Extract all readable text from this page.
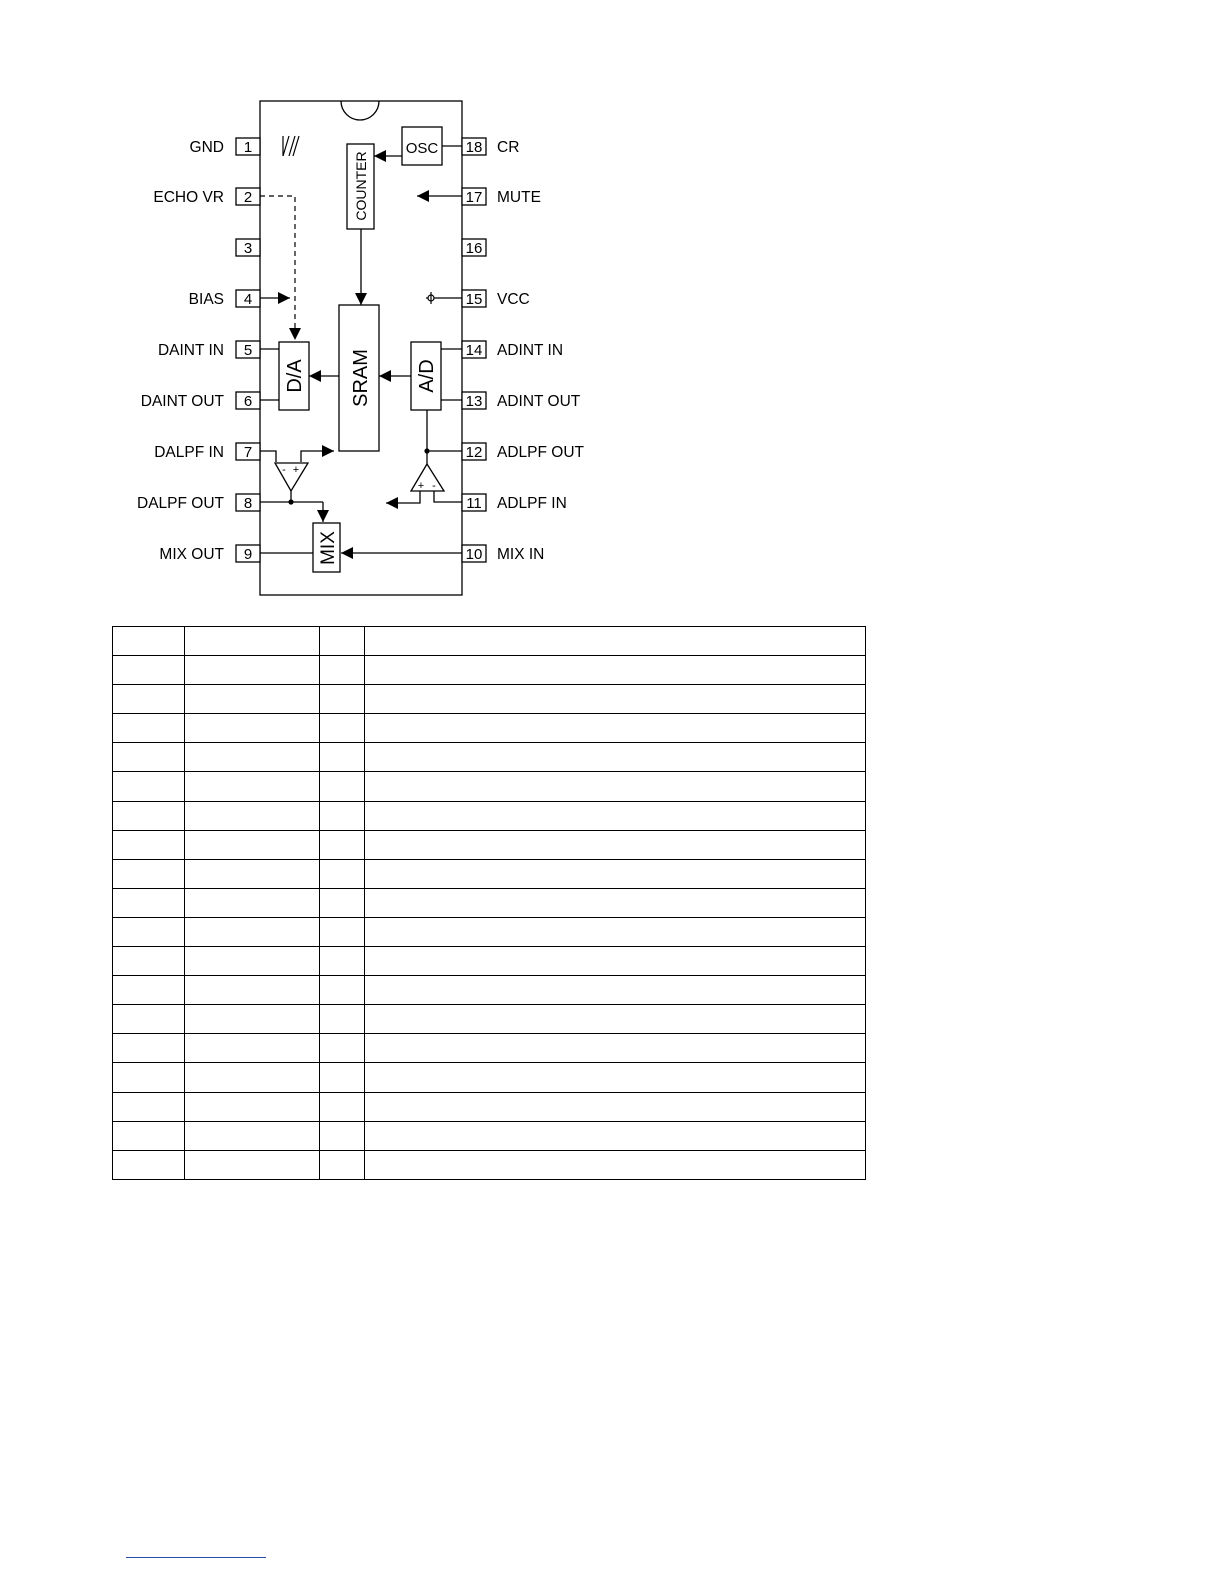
1
GND
2
ECHO VR
3
4
BIAS
5
DAINT IN
6
DAINT OUT
7
DALPF IN
8
DALPF OUT
9
MIX OUT
18 CR
17 MUTE
16
15 VCC
14 ADINT IN
13 ADINT OUT
12 ADLPF OUT
11 ADLPF IN
10 MIX IN
OSC
COUNTER
SRAM
D/A	A/D
+ -
- +
MIX
